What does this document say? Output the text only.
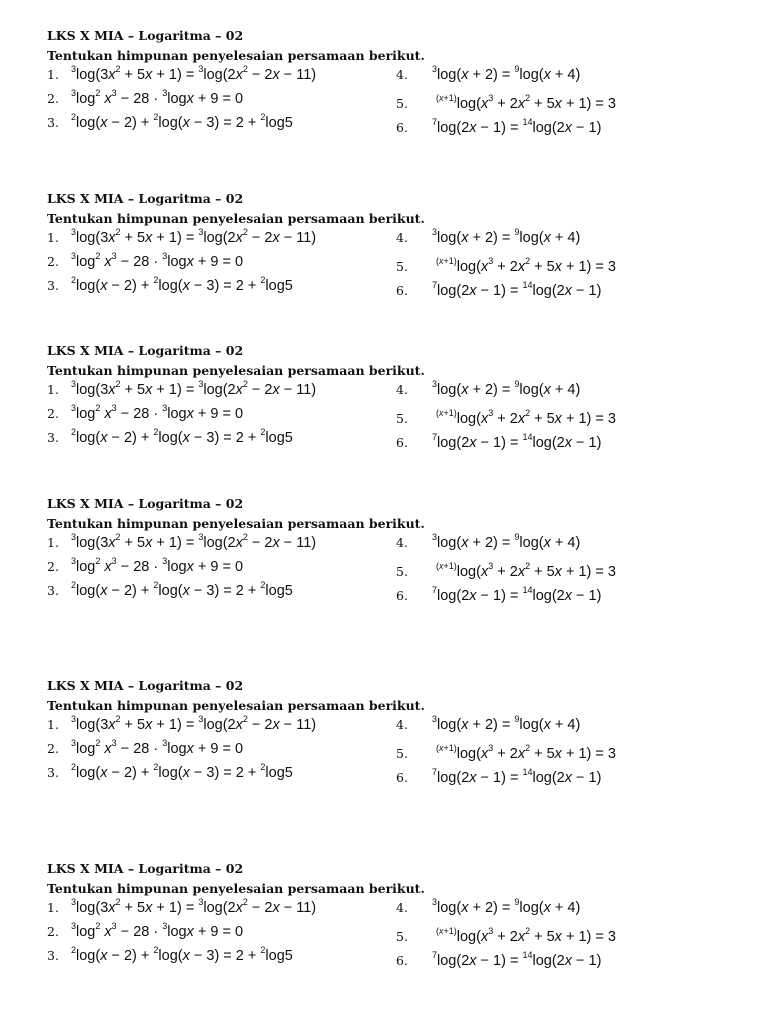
LKS X MIA – Logaritma – 02
Tentukan himpunan penyelesaian persamaan berikut.
1. $^3\log(3x^2 + 5x + 1) = ^3\log(2x^2 - 2x - 11)$	4.	$^3$log(x + 2) = $^9$log(x + 4)
2. $^3\log^2$ $x^3 - 28 \cdot ^3\log x + 9 = 0$	5.	$^{(x+1)}\log(x^3 + 2x^2 + 5x + 1) = 3$
3. $^2$log(x − 2) + $^2$log(x − 3) = 2 + $^2$log5	6.	$^7$log(2x − 1) = $^{14}$log(2x − 1)
LKS X MIA – Logaritma – 02
Tentukan himpunan penyelesaian persamaan berikut.
1. $^3\log(3x^2 + 5x + 1) = ^3\log(2x^2 - 2x - 11)$	4.	$^3$log(x + 2) = $^9$log(x + 4)
2. $^3\log^2$ $x^3 - 28 \cdot ^3\log x + 9 = 0$	5.	$^{(x+1)}\log(x^3 + 2x^2 + 5x + 1) = 3$
3. $^2$log(x − 2) + $^2$log(x − 3) = 2 + $^2$log5	6.	$^7$log(2x − 1) = $^{14}$log(2x − 1)
LKS X MIA – Logaritma – 02
Tentukan himpunan penyelesaian persamaan berikut.
1. $^3\log(3x^2 + 5x + 1) = ^3\log(2x^2 - 2x - 11)$	4.	$^3$log(x + 2) = $^9$log(x + 4)
2. $^3\log^2$ $x^3 - 28 \cdot ^3\log x + 9 = 0$	5.	$^{(x+1)}\log(x^3 + 2x^2 + 5x + 1) = 3$
3. $^2$log(x − 2) + $^2$log(x − 3) = 2 + $^2$log5	6.	$^7$log(2x − 1) = $^{14}$log(2x − 1)
LKS X MIA – Logaritma – 02
Tentukan himpunan penyelesaian persamaan berikut.
1. $^3\log(3x^2 + 5x + 1) = ^3\log(2x^2 - 2x - 11)$	4.	$^3$log(x + 2) = $^9$log(x + 4)
2. $^3\log^2$ $x^3 - 28 \cdot ^3\log x + 9 = 0$	5.	$^{(x+1)}\log(x^3 + 2x^2 + 5x + 1) = 3$
3. $^2$log(x − 2) + $^2$log(x − 3) = 2 + $^2$log5	6.	$^7$log(2x − 1) = $^{14}$log(2x − 1)
LKS X MIA – Logaritma – 02
Tentukan himpunan penyelesaian persamaan berikut.
1. $^3\log(3x^2 + 5x + 1) = ^3\log(2x^2 - 2x - 11)$	4.	$^3$log(x + 2) = $^9$log(x + 4)
2. $^3\log^2$ $x^3 - 28 \cdot ^3\log x + 9 = 0$	5.	$^{(x+1)}\log(x^3 + 2x^2 + 5x + 1) = 3$
3. $^2$log(x − 2) + $^2$log(x − 3) = 2 + $^2$log5	6.	$^7$log(2x − 1) = $^{14}$log(2x − 1)
LKS X MIA – Logaritma – 02
Tentukan himpunan penyelesaian persamaan berikut.
1. $^3\log(3x^2 + 5x + 1) = ^3\log(2x^2 - 2x - 11)$	4.	$^3$log(x + 2) = $^9$log(x + 4)
2. $^3\log^2$ $x^3 - 28 \cdot ^3\log x + 9 = 0$	5.	$^{(x+1)}\log(x^3 + 2x^2 + 5x + 1) = 3$
3. $^2$log(x − 2) + $^2$log(x − 3) = 2 + $^2$log5	6.	$^7$log(2x − 1) = $^{14}$log(2x − 1)
